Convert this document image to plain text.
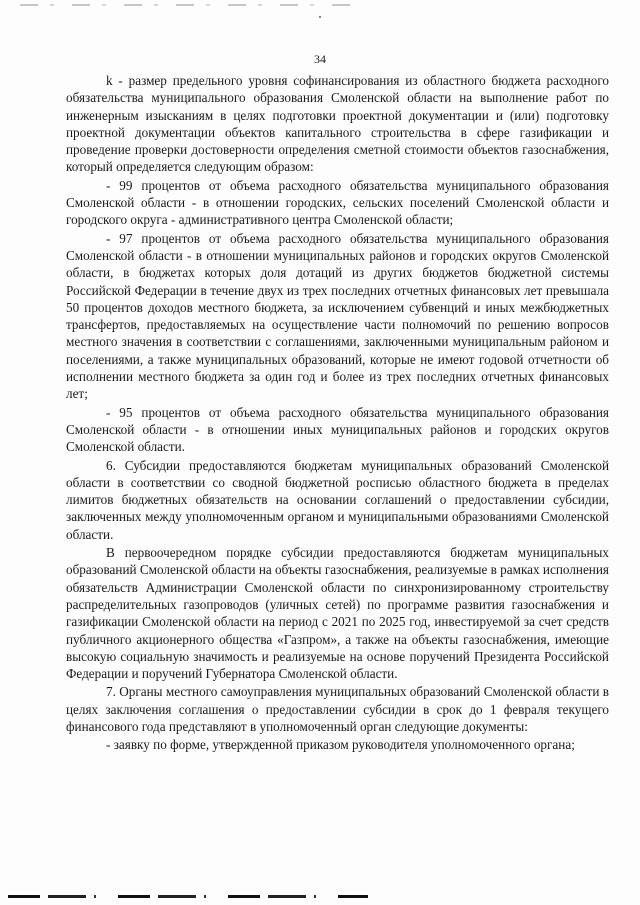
34

k - размер предельного уровня софинансирования из областного бюджета расходного обязательства муниципального образования Смоленской области на выполнение работ по инженерным изысканиям в целях подготовки проектной документации и (или) подготовку проектной документации объектов капитального строительства в сфере газификации и проведение проверки достоверности определения сметной стоимости объектов газоснабжения, который определяется следующим образом:

- 99 процентов от объема расходного обязательства муниципального образования Смоленской области - в отношении городских, сельских поселений Смоленской области и городского округа - административного центра Смоленской области;

- 97 процентов от объема расходного обязательства муниципального образования Смоленской области - в отношении муниципальных районов и городских округов Смоленской области, в бюджетах которых доля дотаций из других бюджетов бюджетной системы Российской Федерации в течение двух из трех последних отчетных финансовых лет превышала 50 процентов доходов местного бюджета, за исключением субвенций и иных межбюджетных трансфертов, предоставляемых на осуществление части полномочий по решению вопросов местного значения в соответствии с соглашениями, заключенными муниципальным районом и поселениями, а также муниципальных образований, которые не имеют годовой отчетности об исполнении местного бюджета за один год и более из трех последних отчетных финансовых лет;

- 95 процентов от объема расходного обязательства муниципального образования Смоленской области - в отношении иных муниципальных районов и городских округов Смоленской области.

6. Субсидии предоставляются бюджетам муниципальных образований Смоленской области в соответствии со сводной бюджетной росписью областного бюджета в пределах лимитов бюджетных обязательств на основании соглашений о предоставлении субсидии, заключенных между уполномоченным органом и муниципальными образованиями Смоленской области.

В первоочередном порядке субсидии предоставляются бюджетам муниципальных образований Смоленской области на объекты газоснабжения, реализуемые в рамках исполнения обязательств Администрации Смоленской области по синхронизированному строительству распределительных газопроводов (уличных сетей) по программе развития газоснабжения и газификации Смоленской области на период с 2021 по 2025 год, инвестируемой за счет средств публичного акционерного общества «Газпром», а также на объекты газоснабжения, имеющие высокую социальную значимость и реализуемые на основе поручений Президента Российской Федерации и поручений Губернатора Смоленской области.

7. Органы местного самоуправления муниципальных образований Смоленской области в целях заключения соглашения о предоставлении субсидии в срок до 1 февраля текущего финансового года представляют в уполномоченный орган следующие документы:

- заявку по форме, утвержденной приказом руководителя уполномоченного органа;
